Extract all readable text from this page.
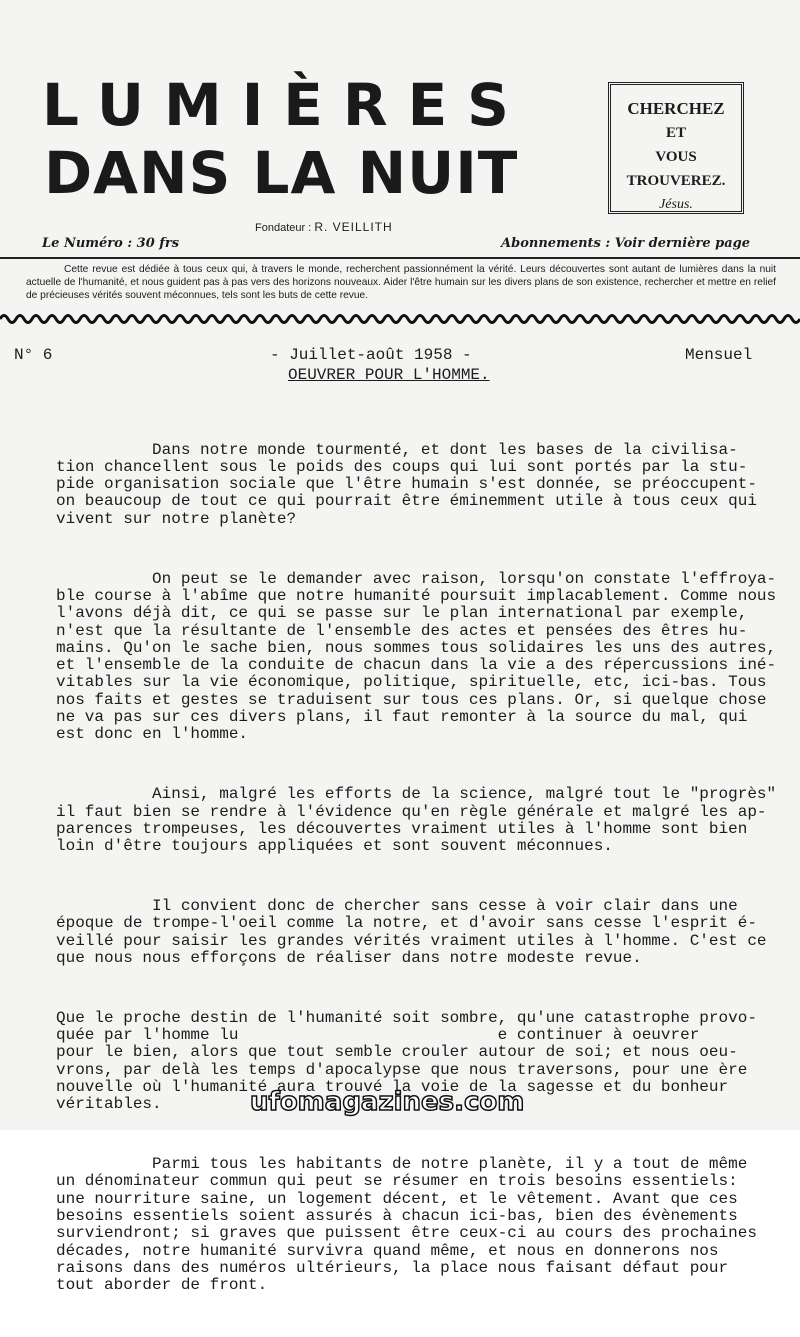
LUMIÈRES
DANS LA NUIT
CHERCHEZ
ET
VOUS TROUVEREZ.
Jésus.
Fondateur : R. VEILLITH
Le Numéro : 30 frs	Abonnements : Voir dernière page
Cette revue est dédiée à tous ceux qui, à travers le monde, recherchent passionnément la vérité. Leurs découvertes sont autant de lumières dans la nuit actuelle de l'humanité, et nous guident pas à pas vers des horizons nouveaux. Aider l'être humain sur les divers plans de son existence, rechercher et mettre en relief de précieuses vérités souvent méconnues, tels sont les buts de cette revue.
N° 6	- Juillet-août 1958 -	Mensuel
OEUVRER POUR L'HOMME.

Dans notre monde tourmenté, et dont les bases de la civilisa-
tion chancellent sous le poids des coups qui lui sont portés par la stu-
pide organisation sociale que l'être humain s'est donnée, se préoccupent-
on beaucoup de tout ce qui pourrait être éminemment utile à tous ceux qui
vivent sur notre planète?

On peut se le demander avec raison, lorsqu'on constate l'effroya-
ble course à l'abîme que notre humanité poursuit implacablement. Comme nous
l'avons déjà dit, ce qui se passe sur le plan international par exemple,
n'est que la résultante de l'ensemble des actes et pensées des êtres hu-
mains. Qu'on le sache bien, nous sommes tous solidaires les uns des autres,
et l'ensemble de la conduite de chacun dans la vie a des répercussions iné-
vitables sur la vie économique, politique, spirituelle, etc, ici-bas. Tous
nos faits et gestes se traduisent sur tous ces plans. Or, si quelque chose
ne va pas sur ces divers plans, il faut remonter à la source du mal, qui
est donc en l'homme.

Ainsi, malgré les efforts de la science, malgré tout le "progrès"
il faut bien se rendre à l'évidence qu'en règle générale et malgré les ap-
parences trompeuses, les découvertes vraiment utiles à l'homme sont bien
loin d'être toujours appliquées et sont souvent méconnues.

Il convient donc de chercher sans cesse à voir clair dans une
époque de trompe-l'oeil comme la notre, et d'avoir sans cesse l'esprit é-
veillé pour saisir les grandes vérités vraiment utiles à l'homme. C'est ce
que nous nous efforçons de réaliser dans notre modeste revue.

Que le proche destin de l'humanité soit sombre, qu'une catastrophe provo-
quée par l'homme lu                           e continuer à oeuvrer
pour le bien, alors que tout semble crouler autour de soi; et nous oeu-
vrons, par delà les temps d'apocalypse que nous traversons, pour une ère
nouvelle où l'humanité aura trouvé la voie de la sagesse et du bonheur
véritables.

Parmi tous les habitants de notre planète, il y a tout de même
un dénominateur commun qui peut se résumer en trois besoins essentiels:
une nourriture saine, un logement décent, et le vêtement. Avant que ces
besoins essentiels soient assurés à chacun ici-bas, bien des évènements
surviendront; si graves que puissent être ceux-ci au cours des prochaines
décades, notre humanité survivra quand même, et nous en donnerons nos
raisons dans des numéros ultérieurs, la place nous faisant défaut pour
tout aborder de front.

ufomagazines.com
